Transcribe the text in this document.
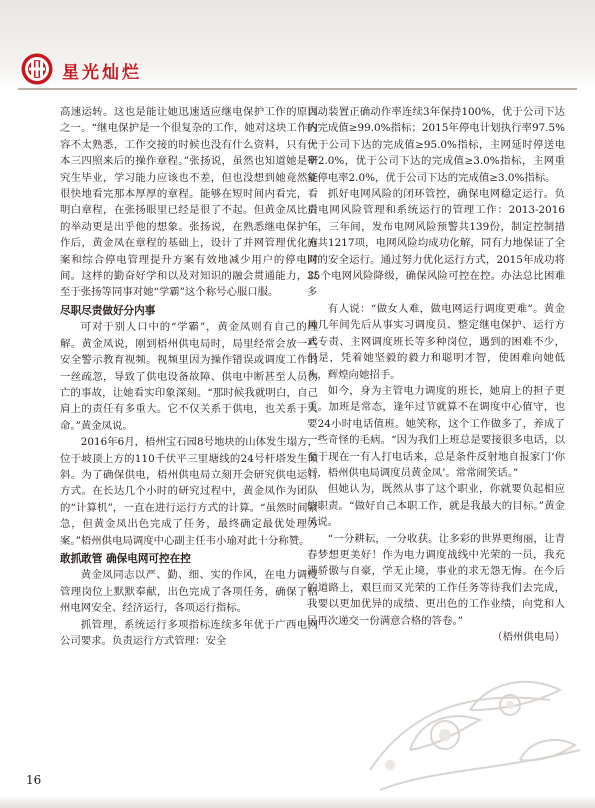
星光灿烂

高速运转。这也是能让她迅速适应继电保护工作的原因之一。“继电保护是一个很复杂的工作，她对这块工作内容不太熟悉，工作交接的时候也没有什么资料，只有一本三四照来后的操作章程。”张扬说，虽然也知道她是研究生毕业，学习能力应该也不差，但也没想到她竟然能很快地看完那本厚厚的章程。能够在短时间内看完，看明白章程，在张扬眼里已经是很了不起。但黄金凤比后的举动更是出乎他的想象。张扬说，在熟悉继电保护工作后，黄金凤在章程的基础上，设计了并网管理优化方案和综合停电管理提升方案有效地减少用户的停电时间。这样的勤奋好学和以及对知识的融会贯通能力，以至于张扬等同事对她“学霸”这个称号心服口服。

尽职尽责做好分内事

可对于别人口中的“学霸”，黄金凤则有自己的理解。黄金凤说，刚到梧州供电局时，局里经常会放一些安全警示教育视频。视频里因为操作错误或调度工作的一丝疏忽，导致了供电设备故障、供电中断甚至人员伤亡的事故，让她看实印象深刻。“那时候我就明白，自己肩上的责任有多重大。它不仅关系于供电，也关系于人命。”黄金凤说。

2016年6月，梧州宝石园8号地块的山体发生塌方，位于坡顶上方的110千伏平三里塘线的24号杆塔发生倾斜。为了确保供电，梧州供电局立刻开会研究供电运行方式。在长达几个小时的研究过程中，黄金凤作为团队的“计算机”，一直在进行运行方式的计算。“虽然时间紧急，但黄金凤出色完成了任务，最终确定最优处理方案。”梧州供电局调度中心副主任韦小瑜对此十分称赞。

敢抓敢管 确保电网可控在控

黄金凤同志以严、勤、细、实的作风，在电力调度管理岗位上默默奉献，出色完成了各项任务，确保了梧州电网安全、经济运行，各项运行指标。

抓管理，系统运行多项指标连续多年优于广西电网公司要求。负责运行方式管理：安全

自动装置正确动作率连续3年保持100%，优于公司下达的完成值≥99.0%指标；2015年停电计划执行率97.5%优于公司下达的完成值≥95.0%指标，主网延时停送电率2.0%，优于公司下达的完成值≥3.0%指标，主网重复停电率2.0%，优于公司下达的完成值≥3.0%指标。

抓好电网风险的闭环管控，确保电网稳定运行。负责电网风险管理和系统运行的管理工作：2013-2016年，三年间，发布电网风险预警共139份，制定控制措施共1217项，电网风险均成功化解，同有力地保证了全网的安全运行。通过努力优化运行方式，2015年成功将35个电网风险降级，确保风险可控在控。办法总比困难多

有人说：“做女人难，做电网运行调度更难”。黄金凤几年间先后从事实习调度员、整定继电保护、运行方式专责、主网调度班长等多种岗位，遇到的困难不少，但是，凭着她坚毅的毅力和聪明才智，使困难向她低头，辉煌向她招手。

如今，身为主管电力调度的班长，她肩上的担子更重。加班是常态，逢年过节就算不在调度中心值守，也要24小时电话值班。她笑称，这个工作做多了，养成了一些奇怪的毛病。“因为我们上班总是要接很多电话，以至于现在一有人打电话来，总是条件反射地自报家门‘你好，梧州供电局调度员黄金凤’。常常闹笑话。”

但她认为，既然从事了这个职业，你就要负起相应的职责。“做好自己本职工作，就是我最大的目标。”黄金凤说。

“一分耕耘，一分收获。让多彩的世界更绚丽，让青春梦想更美好！作为电力调度战线中光荣的一员，我充满骄傲与自豪，学无止境，事业的求无怨无悔。在今后的道路上，艰巨而又光荣的工作任务等待我们去完成，我要以更加优异的成绩、更出色的工作业绩，向党和人民再次递交一份满意合格的答卷。”

（梧州供电局）

16
